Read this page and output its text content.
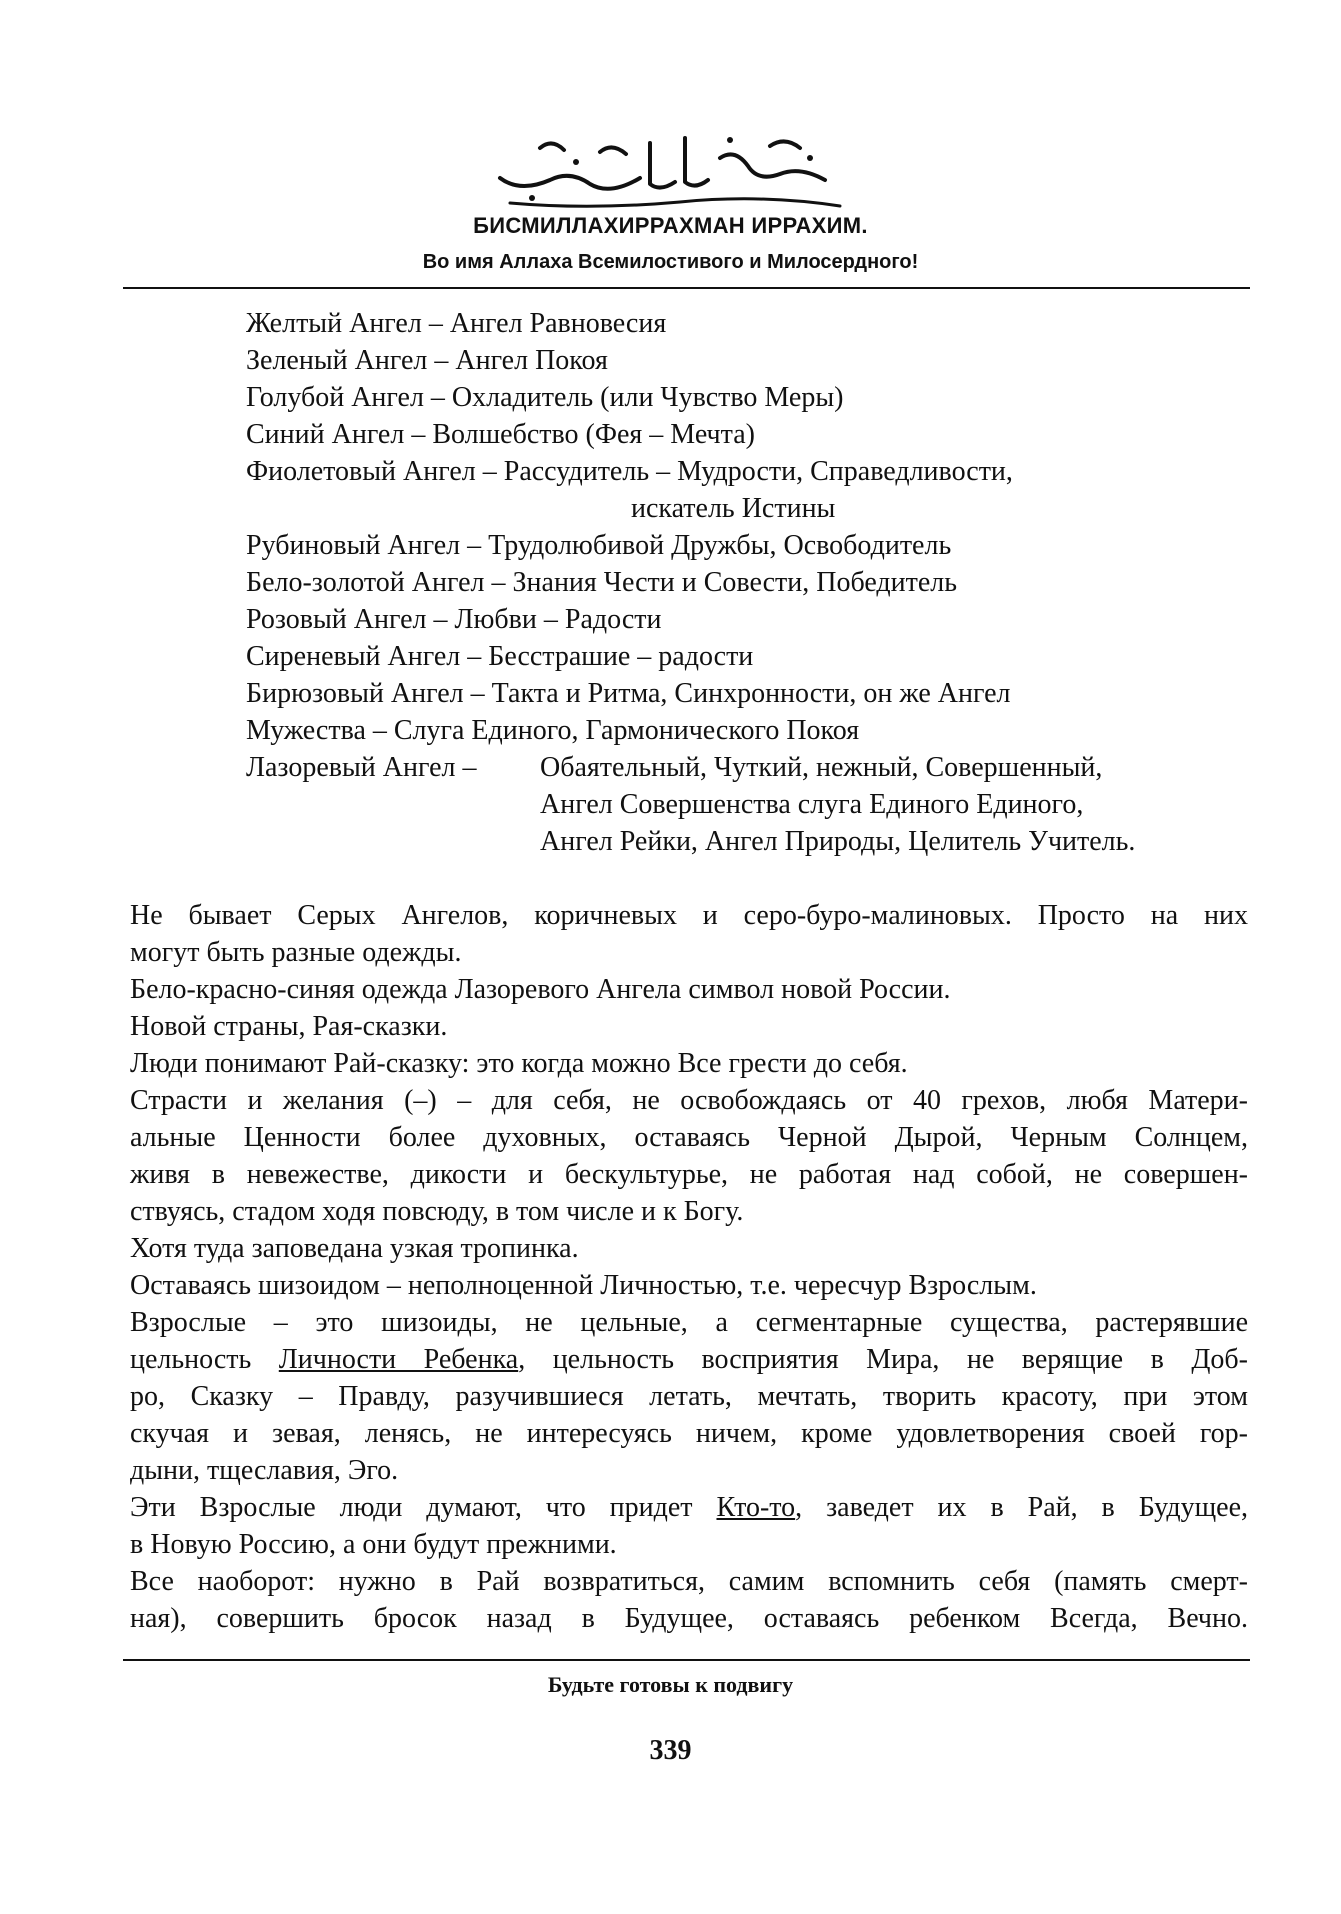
بِسْمِ اللهِ الرَّحْمٰنِ الرَّحِيمِ
БИСМИЛЛАХИРРАХМАН ИРРАХИМ.
Во имя Аллаха Всемилостивого и Милосердного!
Желтый Ангел – Ангел Равновесия
Зеленый Ангел – Ангел Покоя
Голубой Ангел – Охладитель (или Чувство Меры)
Синий Ангел – Волшебство (Фея – Мечта)
Фиолетовый Ангел – Рассудитель – Мудрости, Справедливости,
искатель Истины
Рубиновый Ангел – Трудолюбивой Дружбы, Освободитель
Бело-золотой Ангел – Знания Чести и Совести, Победитель
Розовый Ангел – Любви – Радости
Сиреневый Ангел – Бесстрашие – радости
Бирюзовый Ангел – Такта и Ритма, Синхронности, он же Ангел
Мужества – Слуга Единого, Гармонического Покоя
Лазоревый Ангел – Обаятельный, Чуткий, нежный, Совершенный,
Ангел Совершенства слуга Единого Единого,
Ангел Рейки, Ангел Природы, Целитель Учитель.
Не бывает Серых Ангелов, коричневых и серо-буро-малиновых. Просто на них
могут быть разные одежды.
Бело-красно-синяя одежда Лазоревого Ангела символ новой России.
Новой страны, Рая-сказки.
Люди понимают Рай-сказку: это когда можно Все грести до себя.
Страсти и желания (–) – для себя, не освобождаясь от 40 грехов, любя Матери-
альные Ценности более духовных, оставаясь Черной Дырой, Черным Солнцем,
живя в невежестве, дикости и бескультурье, не работая над собой, не совершен-
ствуясь, стадом ходя повсюду, в том числе и к Богу.
Хотя туда заповедана узкая тропинка.
Оставаясь шизоидом – неполноценной Личностью, т.е. чересчур Взрослым.
Взрослые – это шизоиды, не цельные, а сегментарные существа, растерявшие
цельность Личности Ребенка, цельность восприятия Мира, не верящие в Доб-
ро, Сказку – Правду, разучившиеся летать, мечтать, творить красоту, при этом
скучая и зевая, ленясь, не интересуясь ничем, кроме удовлетворения своей гор-
дыни, тщеславия, Эго.
Эти Взрослые люди думают, что придет Кто-то, заведет их в Рай, в Будущее,
в Новую Россию, а они будут прежними.
Все наоборот: нужно в Рай возвратиться, самим вспомнить себя (память смерт-
ная), совершить бросок назад в Будущее, оставаясь ребенком Всегда, Вечно.
Будьте готовы к подвигу
339
